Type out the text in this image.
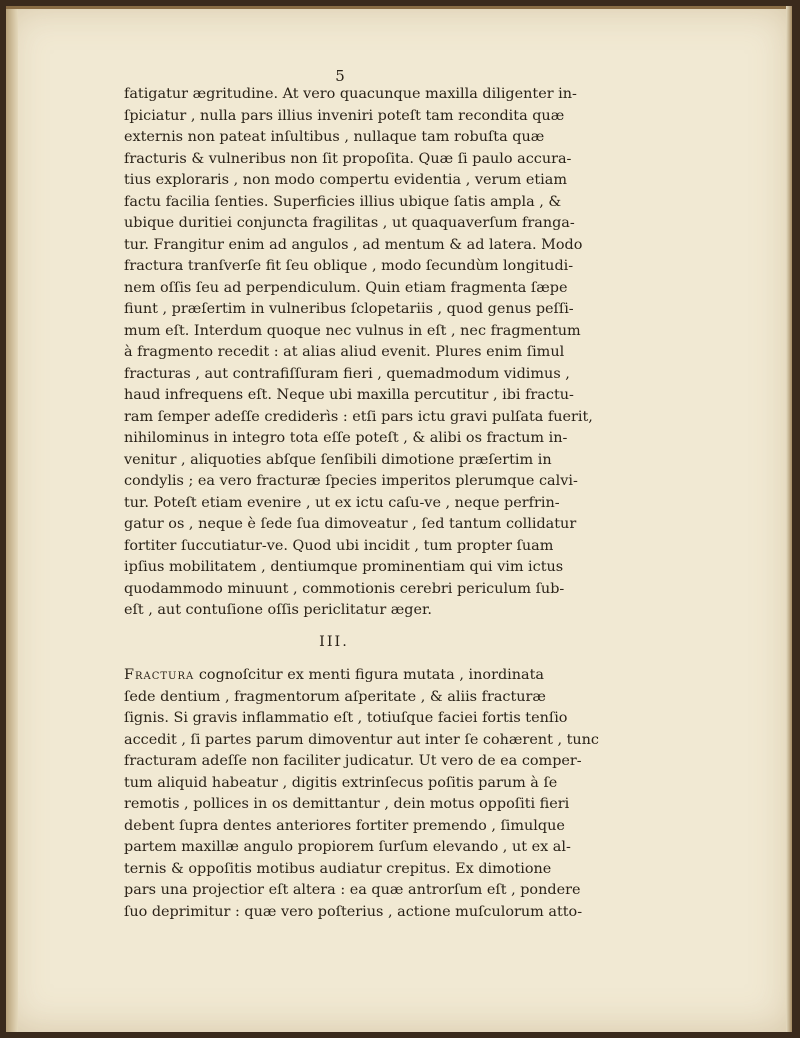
5
fatigatur ægritudine. At vero quacunque maxilla diligenter in-
ſpiciatur , nulla pars illius inveniri poteſt tam recondita quæ
externis non pateat inſultibus , nullaque tam robuſta quæ
fracturis & vulneribus non ſit propoſita. Quæ ſi paulo accura-
tius exploraris , non modo compertu evidentia , verum etiam
factu facilia ſenties. Superficies illius ubique ſatis ampla , &
ubique duritiei conjuncta fragilitas , ut quaquaverſum franga-
tur. Frangitur enim ad angulos , ad mentum & ad latera. Modo
fractura tranſverſe fit ſeu oblique , modo ſecundùm longitudi-
nem oſſis ſeu ad perpendiculum. Quin etiam fragmenta ſæpe
fiunt , præſertim in vulneribus ſclopetariis , quod genus peſſi-
mum eſt. Interdum quoque nec vulnus in eſt , nec fragmentum
à fragmento recedit : at alias aliud evenit. Plures enim ſimul
fracturas , aut contrafiſſuram fieri , quemadmodum vidimus ,
haud infrequens eſt. Neque ubi maxilla percutitur , ibi fractu-
ram ſemper adeſſe crediderìs : etſi pars ictu gravi pulſata fuerit,
nihilominus in integro tota eſſe poteſt , & alibi os fractum in-
venitur , aliquoties abſque ſenſibili dimotione præſertim in
condylis ; ea vero fracturæ ſpecies imperitos plerumque calvi-
tur. Poteſt etiam evenire , ut ex ictu caſu-ve , neque perfrin-
gatur os , neque è ſede ſua dimoveatur , ſed tantum collidatur
fortiter ſuccutiatur-ve. Quod ubi incidit , tum propter ſuam
ipſius mobilitatem , dentiumque prominentiam qui vim ictus
quodammodo minuunt , commotionis cerebri periculum ſub-
eſt , aut contuſione oſſis periclitatur æger.
III.
Fractura cognoſcitur ex menti figura mutata , inordinata
ſede dentium , fragmentorum aſperitate , & aliis fracturæ
ſignis. Si gravis inflammatio eſt , totiuſque faciei fortis tenſio
accedit , ſi partes parum dimoventur aut inter ſe cohærent , tunc
fracturam adeſſe non faciliter judicatur. Ut vero de ea comper-
tum aliquid habeatur , digitis extrinſecus poſitis parum à ſe
remotis , pollices in os demittantur , dein motus oppoſiti fieri
debent ſupra dentes anteriores fortiter premendo , ſimulque
partem maxillæ angulo propiorem ſurſum elevando , ut ex al-
ternis & oppoſitis motibus audiatur crepitus. Ex dimotione
pars una projectior eſt altera : ea quæ antrorſum eſt , pondere
ſuo deprimitur : quæ vero poſterius , actione muſculorum atto-
